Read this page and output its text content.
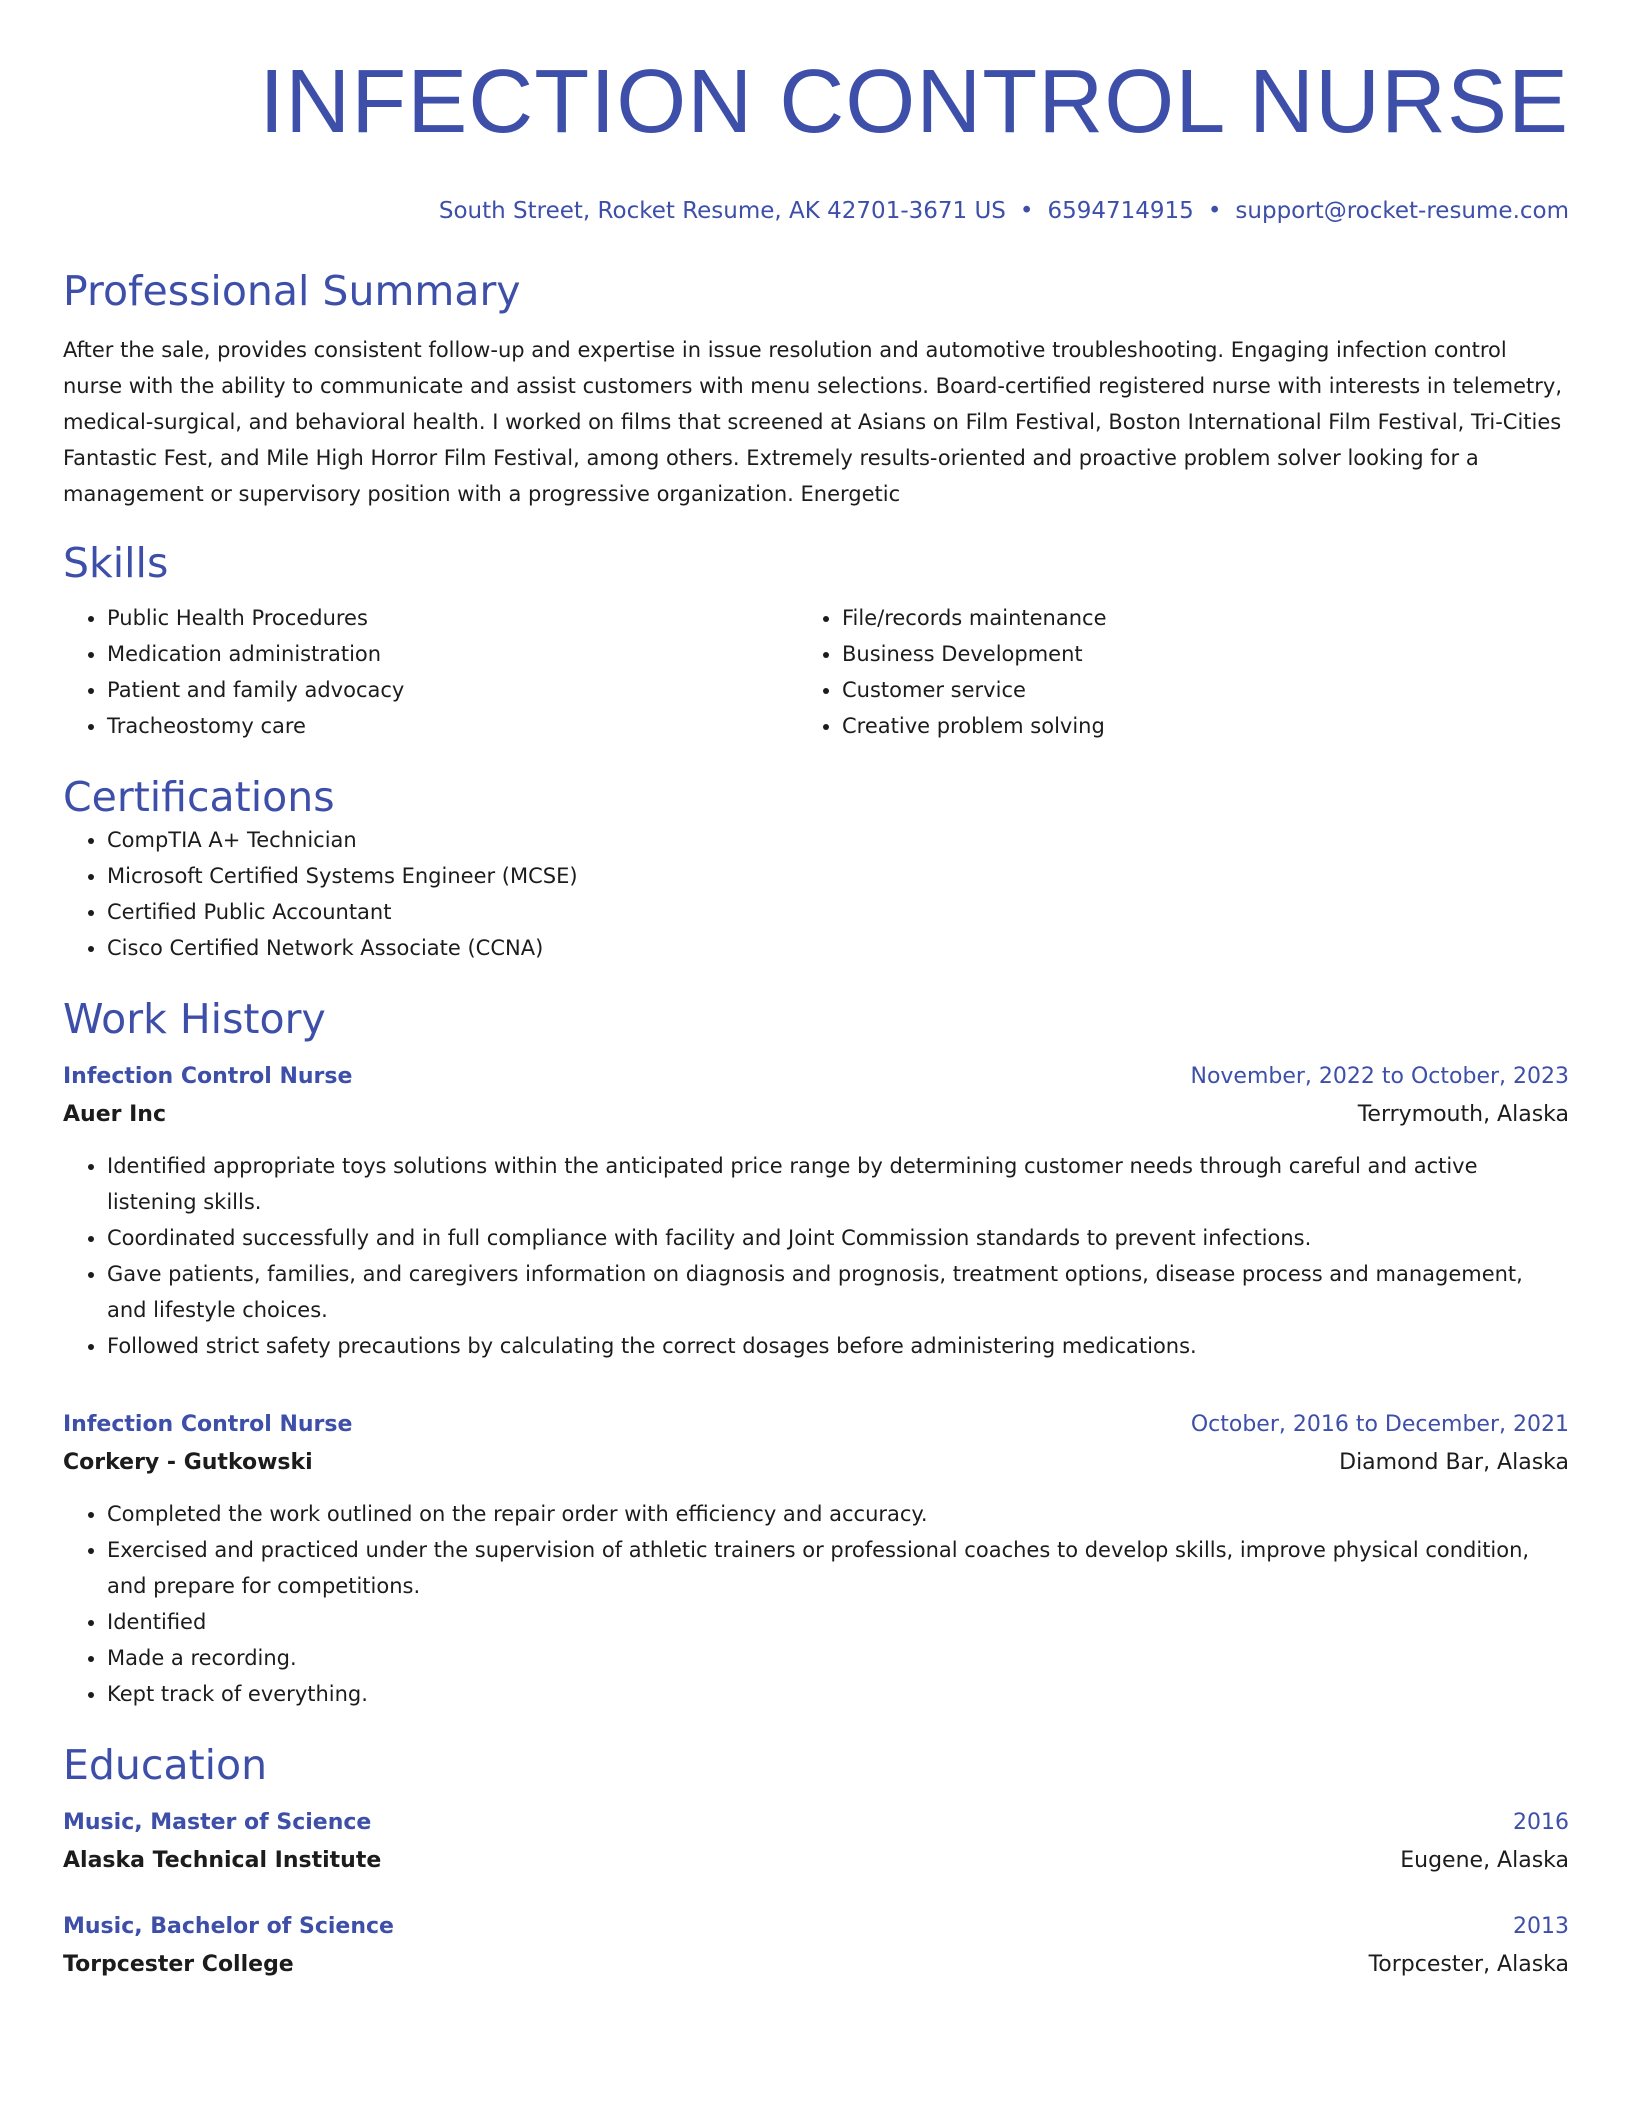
INFECTION CONTROL NURSE
South Street, Rocket Resume, AK 42701-3671 US • 6594714915 • support@rocket-resume.com
Professional Summary
After the sale, provides consistent follow-up and expertise in issue resolution and automotive troubleshooting. Engaging infection control nurse with the ability to communicate and assist customers with menu selections. Board-certified registered nurse with interests in telemetry, medical-surgical, and behavioral health. I worked on films that screened at Asians on Film Festival, Boston International Film Festival, Tri-Cities Fantastic Fest, and Mile High Horror Film Festival, among others. Extremely results-oriented and proactive problem solver looking for a management or supervisory position with a progressive organization. Energetic
Skills
• Public Health Procedures
• Medication administration
• Patient and family advocacy
• Tracheostomy care
• File/records maintenance
• Business Development
• Customer service
• Creative problem solving
Certifications
• CompTIA A+ Technician
• Microsoft Certified Systems Engineer (MCSE)
• Certified Public Accountant
• Cisco Certified Network Associate (CCNA)
Work History
Infection Control Nurse	November, 2022 to October, 2023
Auer Inc	Terrymouth, Alaska
• Identified appropriate toys solutions within the anticipated price range by determining customer needs through careful and active listening skills.
• Coordinated successfully and in full compliance with facility and Joint Commission standards to prevent infections.
• Gave patients, families, and caregivers information on diagnosis and prognosis, treatment options, disease process and management, and lifestyle choices.
• Followed strict safety precautions by calculating the correct dosages before administering medications.
Infection Control Nurse	October, 2016 to December, 2021
Corkery - Gutkowski	Diamond Bar, Alaska
• Completed the work outlined on the repair order with efficiency and accuracy.
• Exercised and practiced under the supervision of athletic trainers or professional coaches to develop skills, improve physical condition, and prepare for competitions.
• Identified
• Made a recording.
• Kept track of everything.
Education
Music, Master of Science	2016
Alaska Technical Institute	Eugene, Alaska
Music, Bachelor of Science	2013
Torpcester College	Torpcester, Alaska
